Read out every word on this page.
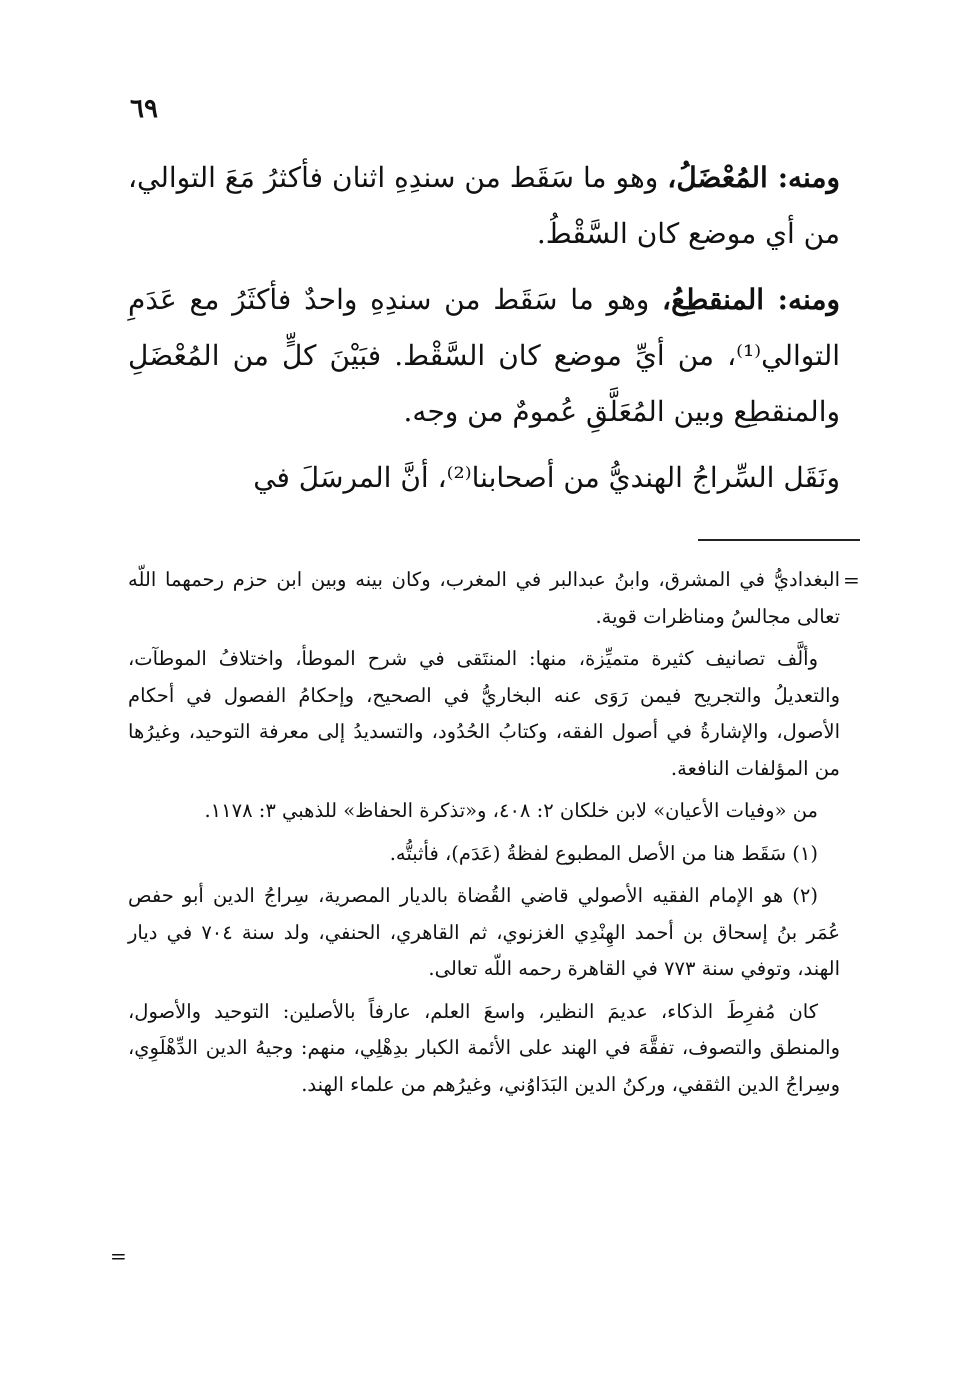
٦٩

ومنه: المُعْضَلُ، وهو ما سَقَط من سندِهِ اثنان فأكثرُ مَعَ التوالي، من أي موضع كان السَّقْطُ.

ومنه: المنقطِعُ، وهو ما سَقَط من سندِهِ واحدٌ فأكثَرُ مع عَدَمِ التوالي⁽¹⁾، من أيِّ موضع كان السَّقْط. فبَيْنَ كلٍّ من المُعْضَلِ والمنقطِع وبين المُعَلَّقِ عُمومٌ من وجه.

ونَقَل السِّراجُ الهنديُّ من أصحابنا⁽²⁾، أنَّ المرسَلَ في

=

البغداديُّ في المشرق، وابنُ عبدالبر في المغرب، وكان بينه وبين ابن حزم رحمهما اللّه تعالى مجالسُ ومناظرات قوية.

وألَّف تصانيف كثيرة متميِّزة، منها: المنتَقى في شرح الموطأ، واختلافُ الموطآت، والتعديلُ والتجريح فيمن رَوَى عنه البخاريُّ في الصحيح، وإحكامُ الفصول في أحكام الأصول، والإشارةُ في أصول الفقه، وكتابُ الحُدُود، والتسديدُ إلى معرفة التوحيد، وغيرُها من المؤلفات النافعة.

من «وفيات الأعيان» لابن خلكان ٢: ٤٠٨، و«تذكرة الحفاظ» للذهبي ٣: ١١٧٨.

(١) سَقَط هنا من الأصل المطبوع لفظةُ (عَدَم)، فأثبتُّه.

(٢) هو الإمام الفقيه الأصولي قاضي القُضاة بالديار المصرية، سِراجُ الدين أبو حفص عُمَر بنُ إسحاق بن أحمد الهِنْدِي الغزنوي، ثم القاهري، الحنفي، ولد سنة ٧٠٤ في ديار الهند، وتوفي سنة ٧٧٣ في القاهرة رحمه اللّه تعالى.

كان مُفرِطَ الذكاء، عديمَ النظير، واسعَ العلم، عارفاً بالأصلين: التوحيد والأصول، والمنطق والتصوف، تفقَّهَ في الهند على الأئمة الكبار بدِهْلِي، منهم: وجيهُ الدين الدِّهْلَوِي، وسِراجُ الدين الثقفي، وركنُ الدين البَدَاوُني، وغيرُهم من علماء الهند.

=
